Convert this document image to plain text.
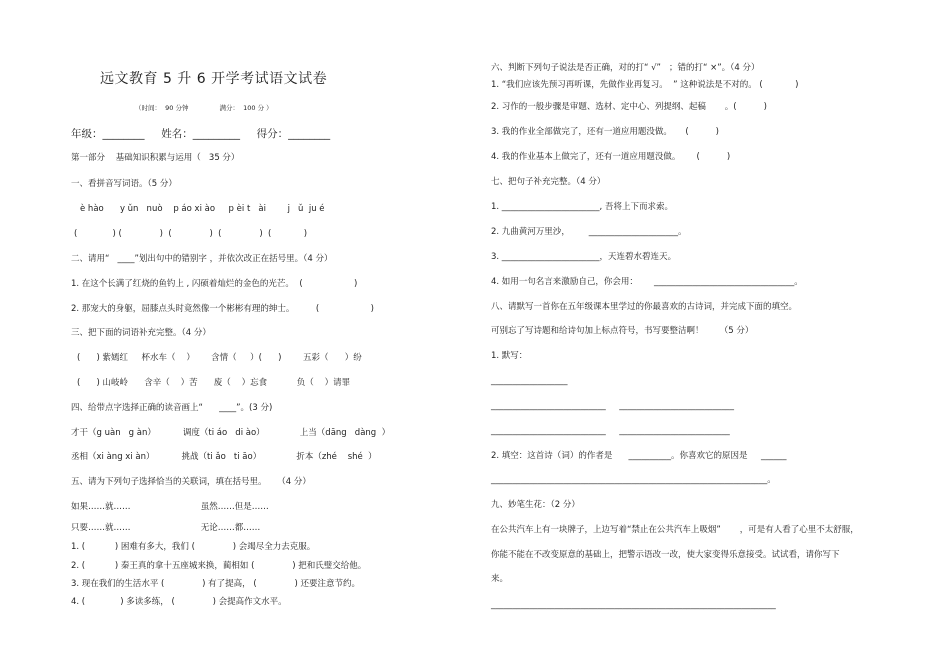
远文教育 5 升 6 开学考试语文试卷
（时间：  90 分钟               满分：  100 分 ）
年级：________     姓名：_________     得分：________
第一部分    基础知识积累与运用（   35 分）
一、看拼音写词语。（5 分）
è hào      y ǔn   nuò    p áo xi ào     p èi t   ài        j   ǔ  ju é
(             ) (              )  (              )  (              )  (            )
二、请用“   ____”划出句中的错别字 ，并依次改正在括号里。（4 分）
1. 在这个长满了红烧的鱼钓上 , 闪硕着灿烂的金色的光芒。  (                   )
2. 那宠大的身躯，屈膝点头时竟然像一个彬彬有理的绅士。        (                   )
三、把下面的词语补充完整。（4 分）
(      ) 紫嫣红     杯水车（    ）      含情（     ）(      )        五彩（      ）纷
(      ) 山岐岭      含辛（    ）苦      废（    ）忘食           负（    ）请罪
四、给带点字选择正确的读音画上“      ____”。(3 分)
才干（g uàn   g àn）          调度（ti áo   di ào）             上当（dāng   dàng  ）
丞相（xi àng xi àn）          挑战（ti ǎo   ti āo）             折本（zhé    shé  ）
五、请为下列句子选择恰当的关联词，填在括号里。    （4 分）
如果……就……                          虽然……但是……
只要……就……                          无论……都……
1. (           ) 困难有多大，我们 (              ) 会竭尽全力去克服。
2. (           ) 秦王真的拿十五座城来换，蔺相如 (              ) 把和氏璧交给他。
3. 现在我们的生活水平 (              ) 有了提高， (              ) 还要注意节约。
4. (             ) 多读多练， (              ) 会提高作文水平。
六、判断下列句子说法是否正确，对的打“ √”   ；错的打“ ×”。（4 分）
1. “我们应该先预习再听课，先做作业再复习。  ” 这种说法是不对的。 (            )
2. 习作的一般步骤是审题、选材、定中心、列提纲、起稿       。(          )
3. 我的作业全部做完了，还有一道应用题没做。     (          )
4. 我的作业基本上做完了，还有一道应用题没做。      (          )
七、把句子补充完整。（4 分）
1. _______________________, 吾将上下而求索。
2. 九曲黄河万里沙，       _____________________。
3. _______________________，天连碧水碧连天。
4. 如用一句名言来激励自己，你会用：      _________________________________。
八、请默写一首你在五年级课本里学过的你最喜欢的古诗词，并完成下面的填空。
可别忘了写诗题和给诗句加上标点符号，书写要整洁啊！      （5 分）
1. 默写：
__________________
___________________________     ___________________________
___________________________     __________________________
2. 填空：这首诗（词）的作者是      __________。你喜欢它的原因是     ______
_________________________________________________________________。
九、妙笔生花：（2 分）
在公共汽车上有一块牌子，上边写着“禁止在公共汽车上吸烟”       ，可是有人看了心里不太舒服，
你能不能在不改变原意的基础上，把警示语改一改，使大家变得乐意接受。试试看，请你写下
来。
___________________________________________________________________
